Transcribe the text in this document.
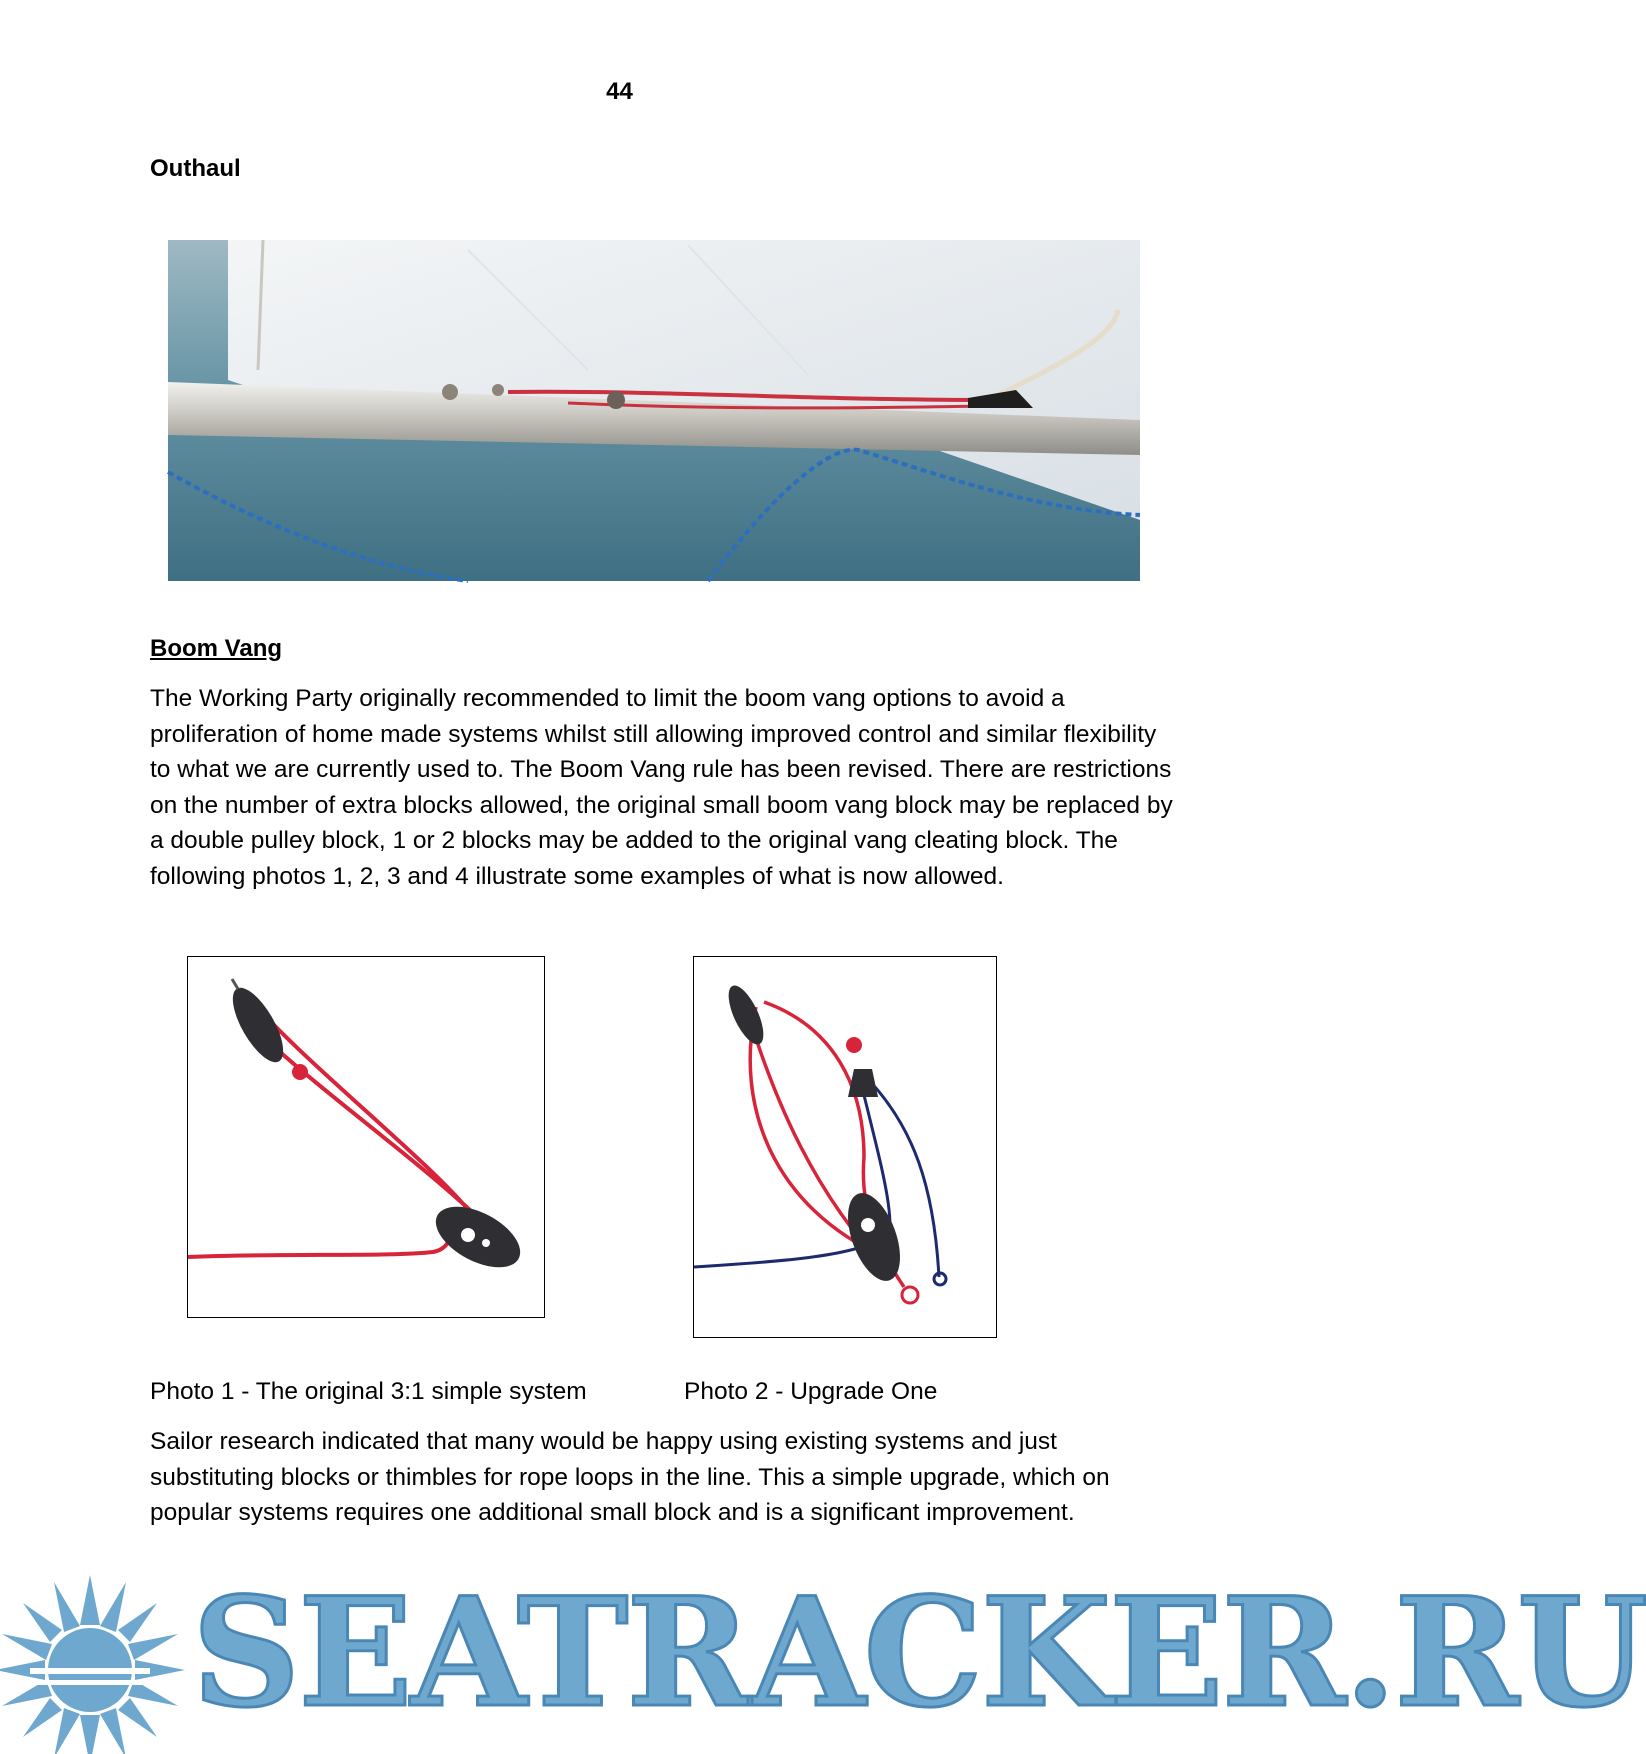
44
Outhaul
Boom Vang

The Working Party originally recommended to limit the boom vang options to avoid a proliferation of home made systems whilst still allowing improved control and similar flexibility to what we are currently used to. The Boom Vang rule has been revised. There are restrictions on the number of extra blocks allowed, the original small boom vang block may be replaced by a double pulley block, 1 or 2 blocks may be added to the original vang cleating block. The following photos 1, 2, 3 and 4 illustrate some examples of what is now allowed.

Photo 1 - The original 3:1 simple system	Photo 2 - Upgrade One

Sailor research indicated that many would be happy using existing systems and just substituting blocks or thimbles for rope loops in the line. This a simple upgrade, which on popular systems requires one additional small block and is a significant improvement.

SEATRACKER.RU
